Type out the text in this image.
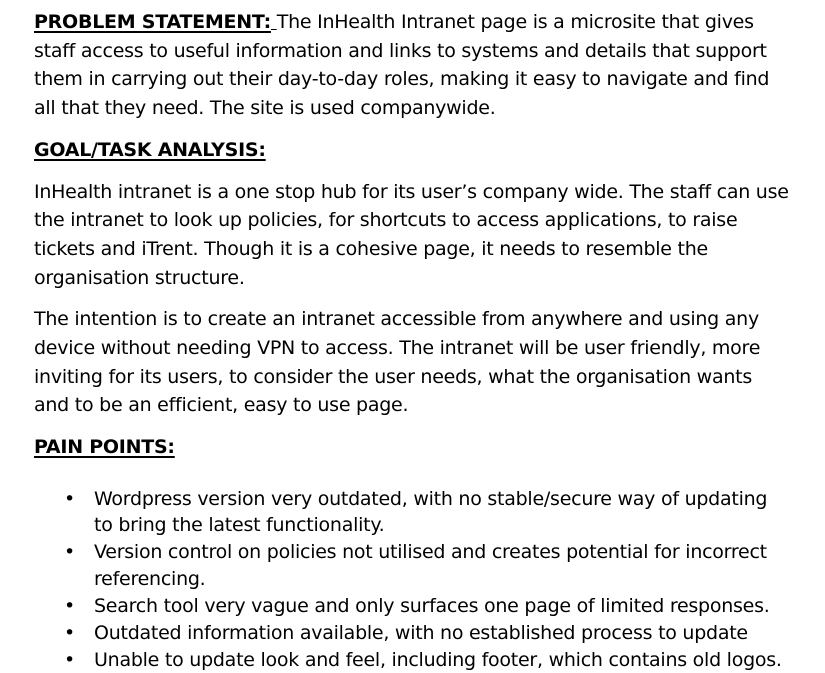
PROBLEM STATEMENT: The InHealth Intranet page is a microsite that gives staff access to useful information and links to systems and details that support them in carrying out their day-to-day roles, making it easy to navigate and find all that they need. The site is used companywide.

GOAL/TASK ANALYSIS:

InHealth intranet is a one stop hub for its user’s company wide. The staff can use the intranet to look up policies, for shortcuts to access applications, to raise tickets and iTrent. Though it is a cohesive page, it needs to resemble the organisation structure.

The intention is to create an intranet accessible from anywhere and using any device without needing VPN to access. The intranet will be user friendly, more inviting for its users, to consider the user needs, what the organisation wants and to be an efficient, easy to use page.

PAIN POINTS:

• Wordpress version very outdated, with no stable/secure way of updating to bring the latest functionality.
• Version control on policies not utilised and creates potential for incorrect referencing.
• Search tool very vague and only surfaces one page of limited responses.
• Outdated information available, with no established process to update
• Unable to update look and feel, including footer, which contains old logos.
